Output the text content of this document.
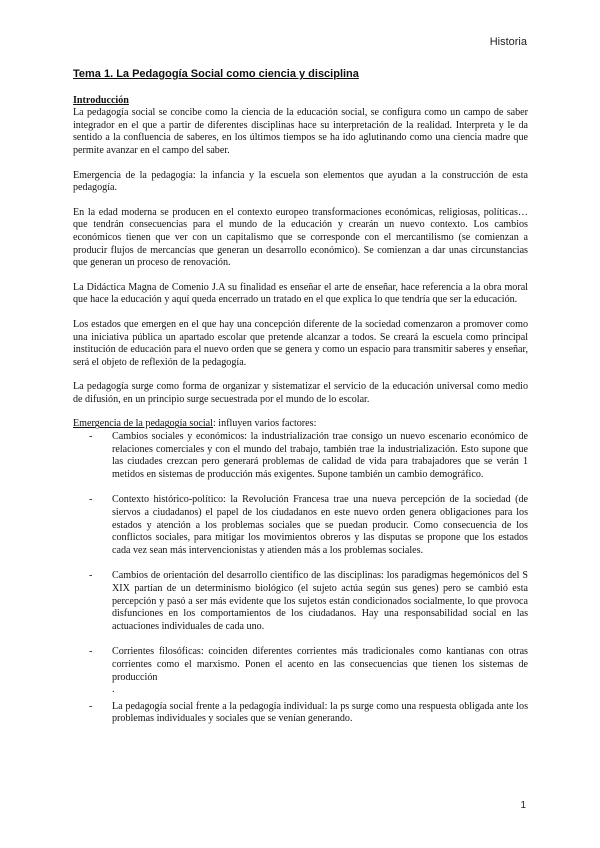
Historia
Tema 1. La Pedagogía Social como ciencia y disciplina

Introducción

La pedagogía social se concibe como la ciencia de la educación social, se configura como un campo de saber integrador en el que a partir de diferentes disciplinas hace su interpretación de la realidad. Interpreta y le da sentido a la confluencia de saberes, en los últimos tiempos se ha ido aglutinando como una ciencia madre que permite avanzar en el campo del saber.

Emergencia de la pedagogía: la infancia y la escuela son elementos que ayudan a la construcción de esta pedagogía.

En la edad moderna se producen en el contexto europeo transformaciones económicas, religiosas, políticas… que tendrán consecuencias para el mundo de la educación y crearán un nuevo contexto. Los cambios económicos tienen que ver con un capitalismo que se corresponde con el mercantilismo (se comienzan a producir flujos de mercancías que generan un desarrollo económico). Se comienzan a dar unas circunstancias que generan un proceso de renovación.

La Didáctica Magna de Comenio J.A su finalidad es enseñar el arte de enseñar, hace referencia a la obra moral que hace la educación y aquí queda encerrado un tratado en el que explica lo que tendría que ser la educación.

Los estados que emergen en el que hay una concepción diferente de la sociedad comenzaron a promover como una iniciativa pública un apartado escolar que pretende alcanzar a todos. Se creará la escuela como principal institución de educación para el nuevo orden que se genera y como un espacio para transmitir saberes y enseñar, será el objeto de reflexión de la pedagogía.

La pedagogía surge como forma de organizar y sistematizar el servicio de la educación universal como medio de difusión, en un principio surge secuestrada por el mundo de lo escolar.

Emergencia de la pedagogía social: influyen varios factores:

- Cambios sociales y económicos: la industrialización trae consigo un nuevo escenario económico de relaciones comerciales y con el mundo del trabajo, también trae la industrialización. Esto supone que las ciudades crezcan pero generará problemas de calidad de vida para trabajadores que se verán 1 metidos en sistemas de producción más exigentes. Supone también un cambio demográfico.
- Contexto histórico-político: la Revolución Francesa trae una nueva percepción de la sociedad (de siervos a ciudadanos) el papel de los ciudadanos en este nuevo orden genera obligaciones para los estados y atención a los problemas sociales que se puedan producir. Como consecuencia de los conflictos sociales, para mitigar los movimientos obreros y las disputas se propone que los estados cada vez sean más intervencionistas y atienden más a los problemas sociales.
- Cambios de orientación del desarrollo científico de las disciplinas: los paradigmas hegemónicos del S XIX partían de un determinismo biológico (el sujeto actúa según sus genes) pero se cambió esta percepción y pasó a ser más evidente que los sujetos están condicionados socialmente, lo que provoca disfunciones en los comportamientos de los ciudadanos. Hay una responsabilidad social en las actuaciones individuales de cada uno.
- Corrientes filosóficas: coinciden diferentes corrientes más tradicionales como kantianas con otras corrientes como el marxismo. Ponen el acento en las consecuencias que tienen los sistemas de producción
.
- La pedagogía social frente a la pedagogía individual: la ps surge como una respuesta obligada ante los problemas individuales y sociales que se venían generando.
1
